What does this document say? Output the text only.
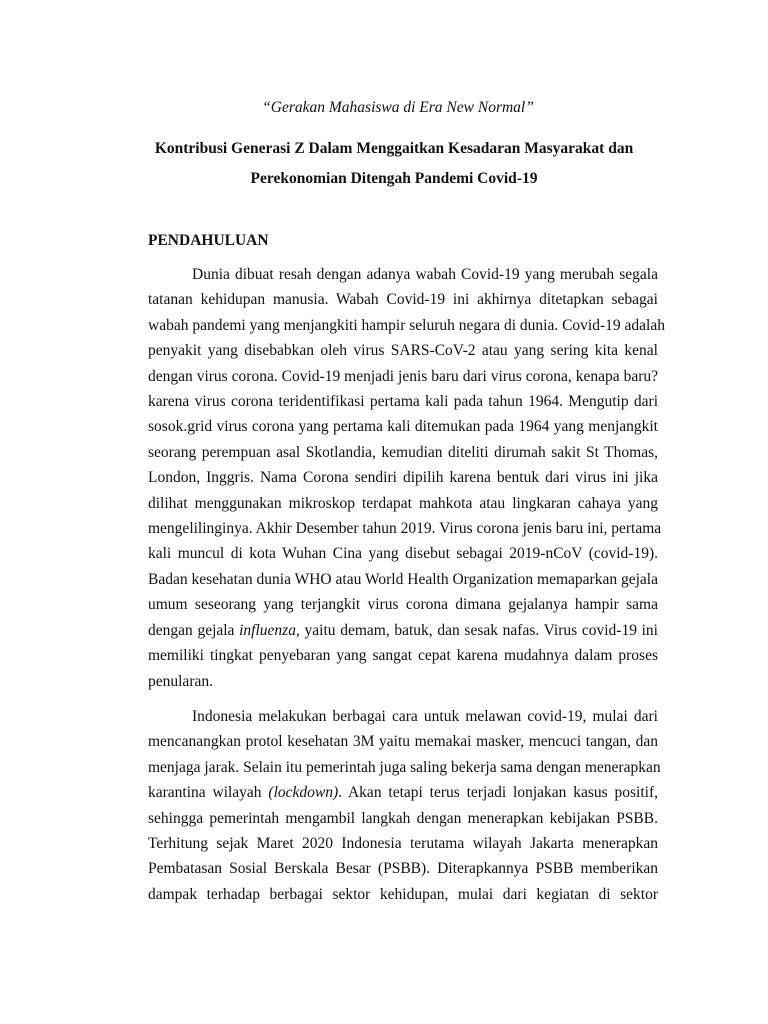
“Gerakan Mahasiswa di Era New Normal”
Kontribusi Generasi Z Dalam Menggaitkan Kesadaran Masyarakat dan
Perekonomian Ditengah Pandemi Covid-19
PENDAHULUAN
Dunia dibuat resah dengan adanya wabah Covid-19 yang merubah segala
tatanan kehidupan manusia. Wabah Covid-19 ini akhirnya ditetapkan sebagai
wabah pandemi yang menjangkiti hampir seluruh negara di dunia. Covid-19 adalah
penyakit yang disebabkan oleh virus SARS-CoV-2 atau yang sering kita kenal
dengan virus corona. Covid-19 menjadi jenis baru dari virus corona, kenapa baru?
karena virus corona teridentifikasi pertama kali pada tahun 1964. Mengutip dari
sosok.grid virus corona yang pertama kali ditemukan pada 1964 yang menjangkit
seorang perempuan asal Skotlandia, kemudian diteliti dirumah sakit St Thomas,
London, Inggris. Nama Corona sendiri dipilih karena bentuk dari virus ini jika
dilihat menggunakan mikroskop terdapat mahkota atau lingkaran cahaya yang
mengelilinginya. Akhir Desember tahun 2019. Virus corona jenis baru ini, pertama
kali muncul di kota Wuhan Cina yang disebut sebagai 2019-nCoV (covid-19).
Badan kesehatan dunia WHO atau World Health Organization memaparkan gejala
umum seseorang yang terjangkit virus corona dimana gejalanya hampir sama
dengan gejala influenza, yaitu demam, batuk, dan sesak nafas. Virus covid-19 ini
memiliki tingkat penyebaran yang sangat cepat karena mudahnya dalam proses
penularan.
Indonesia melakukan berbagai cara untuk melawan covid-19, mulai dari
mencanangkan protol kesehatan 3M yaitu memakai masker, mencuci tangan, dan
menjaga jarak. Selain itu pemerintah juga saling bekerja sama dengan menerapkan
karantina wilayah (lockdown). Akan tetapi terus terjadi lonjakan kasus positif,
sehingga pemerintah mengambil langkah dengan menerapkan kebijakan PSBB.
Terhitung sejak Maret 2020 Indonesia terutama wilayah Jakarta menerapkan
Pembatasan Sosial Berskala Besar (PSBB). Diterapkannya PSBB memberikan
dampak terhadap berbagai sektor kehidupan, mulai dari kegiatan di sektor
